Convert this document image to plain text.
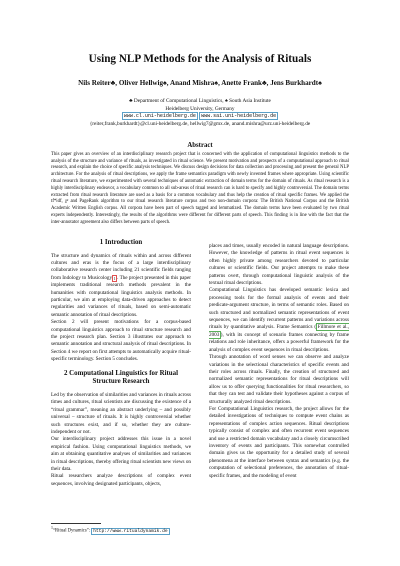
Using NLP Methods for the Analysis of Rituals
Nils Reiter♣, Oliver Hellwig♠, Anand Mishra♠, Anette Frank♣, Jens Burkhardt♠
♣ Department of Computational Linguistics, ♠ South Asia Institute
Heidelberg University, Germany
www.cl.uni-heidelberg.de www.sai.uni-heidelberg.de
{reiter,frank,burkhardt}@cl.uni-heidelberg.de, hellwig7@gmx.de, anand.mishra@urz.uni-heidelberg.de
Abstract

This paper gives an overview of an interdisciplinary research project that is concerned with the application of computational linguistics methods to the analysis of the structure and variance of rituals, as investigated in ritual science. We present motivation and prospects of a computational approach to ritual research, and explain the choice of specific analysis techniques. We discuss design decisions for data collection and processing and present the general NLP architecture. For the analysis of ritual descriptions, we apply the frame semantics paradigm with newly invented frames where appropriate. Using scientific ritual research literature, we experimented with several techniques of automatic extraction of domain terms for the domain of rituals. As ritual research is a highly interdisciplinary endeavor, a vocabulary common to all sub-areas of ritual research can is hard to specify and highly controversial. The domain terms extracted from ritual research literature are used as a basis for a common vocabulary and thus help the creation of ritual specific frames. We applied the tf*idf, χ² and PageRank algorithm to our ritual research literature corpus and two non-domain corpora: The British National Corpus and the British Academic Written English corpus. All corpora have been part of speech tagged and lemmatized. The domain terms have been evaluated by two ritual experts independently. Interestingly, the results of the algorithms were different for different parts of speech. This finding is in line with the fact that the inter-annotator agreement also differs between parts of speech.

1 Introduction

The structure and dynamics of rituals within and across different cultures and eras is the focus of a large interdisciplinary collaborative research center including 21 scientific fields ranging from Indology to Musicology $^1$ . The project presented in this paper implements traditional research methods prevalent in the humanities with computational linguistics analysis methods. In particular, we aim at employing data-driven approaches to detect regularities and variances of rituals, based on semi-automatic semantic annotation of ritual descriptions.

Section 2 will present motivations for a corpus-based computational linguistics approach to ritual structure research and the project research plan. Section 3 illustrates our approach to semantic annotation and structural analysis of ritual descriptions. In Section 4 we report on first attempts to automatically acquire ritual-specific terminology. Section 5 concludes.

2 Computational Linguistics for Ritual Structure Research

Led by the observation of similarities and variances in rituals across times and cultures, ritual scientists are discussing the existence of a “ritual grammar”, meaning an abstract underlying – and possibly universal – structure of rituals. It is highly controversial whether such structures exist, and if so, whether they are culture-independent or not.

Our interdisciplinary project addresses this issue in a novel empirical fashion. Using computational linguistics methods, we aim at obtaining quantitative analyses of similarities and variances in ritual descriptions, thereby offering ritual scientists new views on their data.

Ritual researchers analyze descriptions of complex event sequences, involving designated participants, objects,

places and times, usually encoded in natural language descriptions. However, the knowledge of patterns in ritual event sequences is often highly private among researchers devoted to particular cultures or scientific fields. Our project attempts to make these patterns overt, through computational linguistic analysis of the textual ritual descriptions.

Computational Linguistics has developed semantic lexica and processing tools for the formal analysis of events and their predicate-argument structure, in terms of semantic roles. Based on such structured and normalized semantic representations of event sequences, we can identify recurrent patterns and variations across rituals by quantitative analysis. Frame Semantics ( Fillmore et al., 2003 ), with its concept of scenario frames connecting by frame relations and role inheritance, offers a powerful framework for the analysis of complex event sequences in ritual descriptions.

Through annotation of word senses we can observe and analyze variations in the selectional characteristics of specific events and their roles across rituals. Finally, the creation of structured and normalized semantic representations for ritual descriptions will allow us to offer querying functionalities for ritual researchers, so that they can test and validate their hypotheses against a corpus of structurally analyzed ritual descriptions.

For Computational Linguistics research, the project allows for the detailed investigations of techniques to compute event chains as representations of complex action sequences. Ritual descriptions typically consist of complex and often recurrent event sequences and use a restricted domain vocabulary and a closely circumscribed inventory of events and participants. This somewhat controlled domain gives us the opportunity for a detailed study of several phenomena at the interface between syntax and semantics (e.g. the computation of selectional preferences, the annotation of ritual-specific frames, and the modeling of event

$^1$“Ritual Dynamics”: http://www.ritualdynamik.de
